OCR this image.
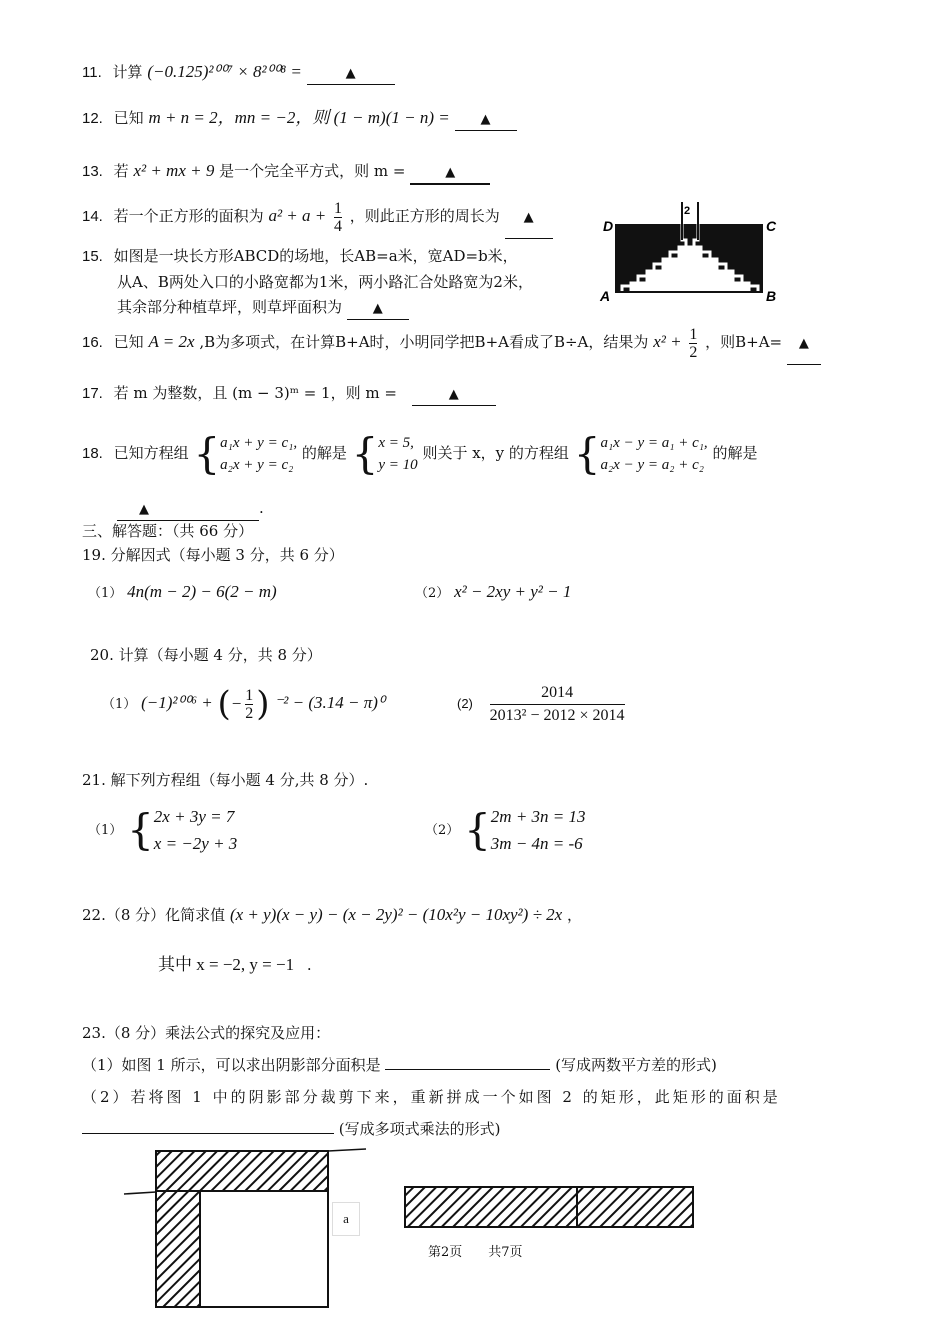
11. 计算 (−0.125)²⁰⁰⁷ × 8²⁰⁰⁸ =	▲
12. 已知 m + n = 2，mn = −2，则 (1 − m)(1 − n) = ▲
13. 若 x² + mx + 9 是一个完全平方式，则 m =	▲
14. 若一个正方形的面积为 $a^2 + a + \frac{1}{4}$ ，则此正方形的周长为 ▲
15. 如图是一块长方形ABCD的场地，长AB=a米，宽AD=b米，
从A、B两处入口的小路宽都为1米，两小路汇合处路宽为2米，
其余部分种植草坪，则草坪面积为 ▲
D	C
A	B
2
16. 已知 A = 2x ,B为多项式，在计算B+A时，小明同学把B+A看成了B÷A，结果为 $x^2 + \frac{1}{2}$ ，则B+A= ▲
17. 若 m 为整数，且 (m − 3)ᵐ = 1，则 m =	▲
18. 已知方程组 { a₁x + y = c₁,
a₂x + y = c₂
的解是 { x = 5,
y = 10
则关于 x，y 的方程组 { a₁x − y = a₁ + c₁,
a₂x − y = a₂ + c₂
的解是
▲	.
三、解答题：（共 66 分）
19. 分解因式（每小题 3 分，共 6 分）
（1） 4n(m − 2) − 6(2 − m)	（2） x² − 2xy + y² − 1
20. 计算（每小题 4 分，共 8 分）
（1） (−1)²⁰⁰⁶ + (− $\frac{1}{2}$ ) ⁻² − (3.14 − π)⁰	$(2) \frac{2014}{\text{2013² − 2012 × 2014}}$
21. 解下列方程组（每小题 4 分,共 8 分）.
（1） { 2x + 3y = 7
x = −2y + 3
（2） { 2m + 3n = 13
3m − 4n = -6
22.（8 分）化简求值 (x + y)(x − y) − (x − 2y)² − (10x²y − 10xy²) ÷ 2x ，
其中 x = −2, y = −1 .
23.（8 分）乘法公式的探究及应用：
（1）如图 1 所示，可以求出阴影部分面积是	(写成两数平方差的形式)
（2）若将图 1 中的阴影部分裁剪下来，重新拼成一个如图 2 的矩形，此矩形的面积是
(写成多项式乘法的形式)
a
第2页　　共7页
